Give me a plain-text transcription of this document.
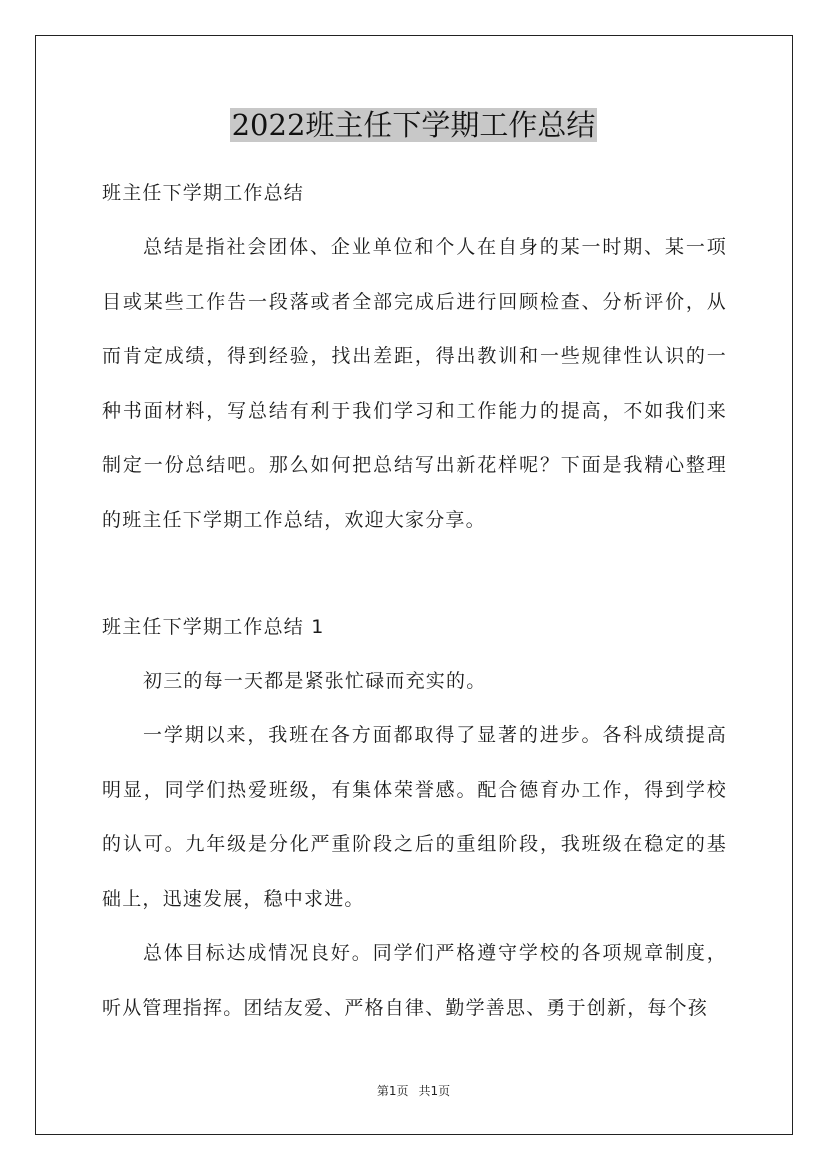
2022班主任下学期工作总结

班主任下学期工作总结

总结是指社会团体、企业单位和个人在自身的某一时期、某一项目或某些工作告一段落或者全部完成后进行回顾检查、分析评价，从而肯定成绩，得到经验，找出差距，得出教训和一些规律性认识的一种书面材料，写总结有利于我们学习和工作能力的提高，不如我们来制定一份总结吧。那么如何把总结写出新花样呢？下面是我精心整理的班主任下学期工作总结，欢迎大家分享。

班主任下学期工作总结 1

初三的每一天都是紧张忙碌而充实的。

一学期以来，我班在各方面都取得了显著的进步。各科成绩提高明显，同学们热爱班级，有集体荣誉感。配合德育办工作，得到学校的认可。九年级是分化严重阶段之后的重组阶段，我班级在稳定的基础上，迅速发展，稳中求进。

总体目标达成情况良好。同学们严格遵守学校的各项规章制度，听从管理指挥。团结友爱、严格自律、勤学善思、勇于创新，每个孩

第1页 共1页
